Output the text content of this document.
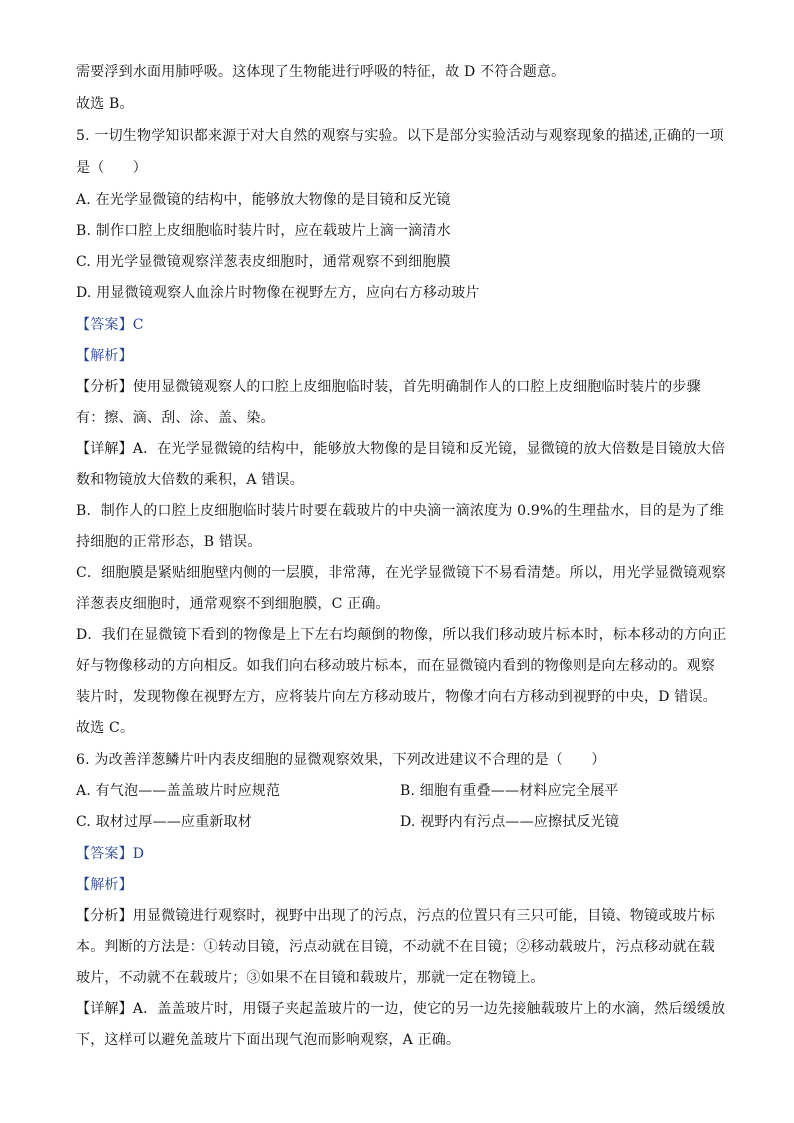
需要浮到水面用肺呼吸。这体现了生物能进行呼吸的特征，故 D 不符合题意。
故选 B。
5. 一切生物学知识都来源于对大自然的观察与实验。以下是部分实验活动与观察现象的描述,正确的一项
是（　　）
A. 在光学显微镜的结构中，能够放大物像的是目镜和反光镜
B. 制作口腔上皮细胞临时装片时，应在载玻片上滴一滴清水
C. 用光学显微镜观察洋葱表皮细胞时，通常观察不到细胞膜
D. 用显微镜观察人血涂片时物像在视野左方，应向右方移动玻片
【答案】C
【解析】
【分析】使用显微镜观察人的口腔上皮细胞临时装，首先明确制作人的口腔上皮细胞临时装片的步骤
有：擦、滴、刮、涂、盖、染。
【详解】A．在光学显微镜的结构中，能够放大物像的是目镜和反光镜，显微镜的放大倍数是目镜放大倍
数和物镜放大倍数的乘积，A 错误。
B．制作人的口腔上皮细胞临时装片时要在载玻片的中央滴一滴浓度为 0.9%的生理盐水，目的是为了维
持细胞的正常形态，B 错误。
C．细胞膜是紧贴细胞壁内侧的一层膜，非常薄，在光学显微镜下不易看清楚。所以，用光学显微镜观察
洋葱表皮细胞时，通常观察不到细胞膜，C 正确。
D．我们在显微镜下看到的物像是上下左右均颠倒的物像，所以我们移动玻片标本时，标本移动的方向正
好与物像移动的方向相反。如我们向右移动玻片标本，而在显微镜内看到的物像则是向左移动的。观察
装片时，发现物像在视野左方，应将装片向左方移动玻片，物像才向右方移动到视野的中央，D 错误。
故选 C。
6. 为改善洋葱鳞片叶内表皮细胞的显微观察效果，下列改进建议不合理的是（　　）
A. 有气泡——盖盖玻片时应规范	B. 细胞有重叠——材料应完全展平
C. 取材过厚——应重新取材	D. 视野内有污点——应擦拭反光镜
【答案】D
【解析】
【分析】用显微镜进行观察时，视野中出现了的污点，污点的位置只有三只可能，目镜、物镜或玻片标
本。判断的方法是：①转动目镜，污点动就在目镜，不动就不在目镜；②移动载玻片，污点移动就在载
玻片，不动就不在载玻片；③如果不在目镜和载玻片，那就一定在物镜上。
【详解】A．盖盖玻片时，用镊子夹起盖玻片的一边，使它的另一边先接触载玻片上的水滴，然后缓缓放
下，这样可以避免盖玻片下面出现气泡而影响观察，A 正确。
